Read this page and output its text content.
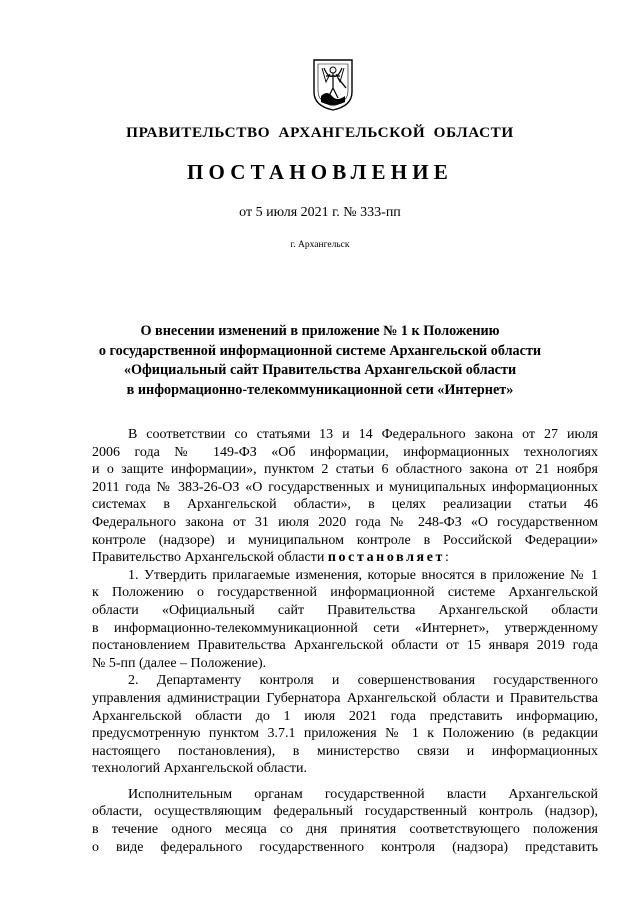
ПРАВИТЕЛЬСТВО АРХАНГЕЛЬСКОЙ ОБЛАСТИ
ПОСТАНОВЛЕНИЕ
от 5 июля 2021 г. № 333-пп
г. Архангельск
О внесении изменений в приложение № 1 к Положению
о государственной информационной системе Архангельской области
«Официальный сайт Правительства Архангельской области
в информационно-телекоммуникационной сети «Интернет»
В соответствии со статьями 13 и 14 Федерального закона от 27 июля
2006 года № 149-ФЗ «Об информации, информационных технологиях
и о защите информации», пунктом 2 статьи 6 областного закона от 21 ноября
2011 года № 383-26-ОЗ «О государственных и муниципальных информационных
системах в Архангельской области», в целях реализации статьи 46
Федерального закона от 31 июля 2020 года № 248-ФЗ «О государственном
контроле (надзоре) и муниципальном контроле в Российской Федерации»
Правительство Архангельской области постановляет:
1. Утвердить прилагаемые изменения, которые вносятся в приложение № 1
к Положению о государственной информационной системе Архангельской
области «Официальный сайт Правительства Архангельской области
в информационно-телекоммуникационной сети «Интернет», утвержденному
постановлением Правительства Архангельской области от 15 января 2019 года
№ 5-пп (далее – Положение).
2. Департаменту контроля и совершенствования государственного
управления администрации Губернатора Архангельской области и Правительства
Архангельской области до 1 июля 2021 года представить информацию,
предусмотренную пунктом 3.7.1 приложения № 1 к Положению (в редакции
настоящего постановления), в министерство связи и информационных
технологий Архангельской области.
Исполнительным органам государственной власти Архангельской
области, осуществляющим федеральный государственный контроль (надзор),
в течение одного месяца со дня принятия соответствующего положения
о виде федерального государственного контроля (надзора) представить
